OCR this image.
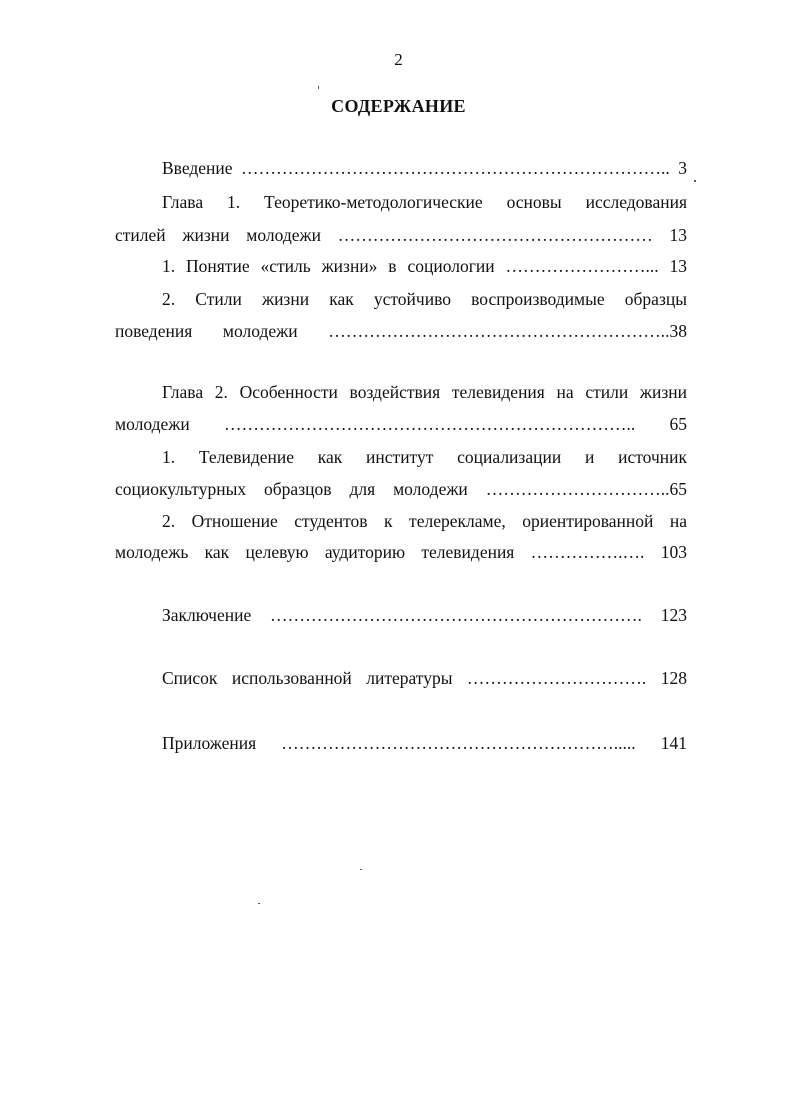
2
СОДЕРЖАНИЕ
Введение ……………………………………………………………….. 3
Глава 1. Теоретико-методологические основы исследования
стилей жизни молодежи ……………………………………………… 13
1. Понятие «стиль жизни» в социологии ……………………... 13
2. Стили жизни как устойчиво воспроизводимые образцы
поведения молодежи …………………………………………………..38
Глава 2. Особенности воздействия телевидения на стили жизни
молодежи …………………………………………………………….. 65
1. Телевидение как институт социализации и источник
социокультурных образцов для молодежи …………………………..65
2. Отношение студентов к телерекламе, ориентированной на
молодежь как целевую аудиторию телевидения …………….…. 103
Заключение ………………………………………………………. 123
Список использованной литературы …………………………. 128
Приложения …………………………………………………..... 141
